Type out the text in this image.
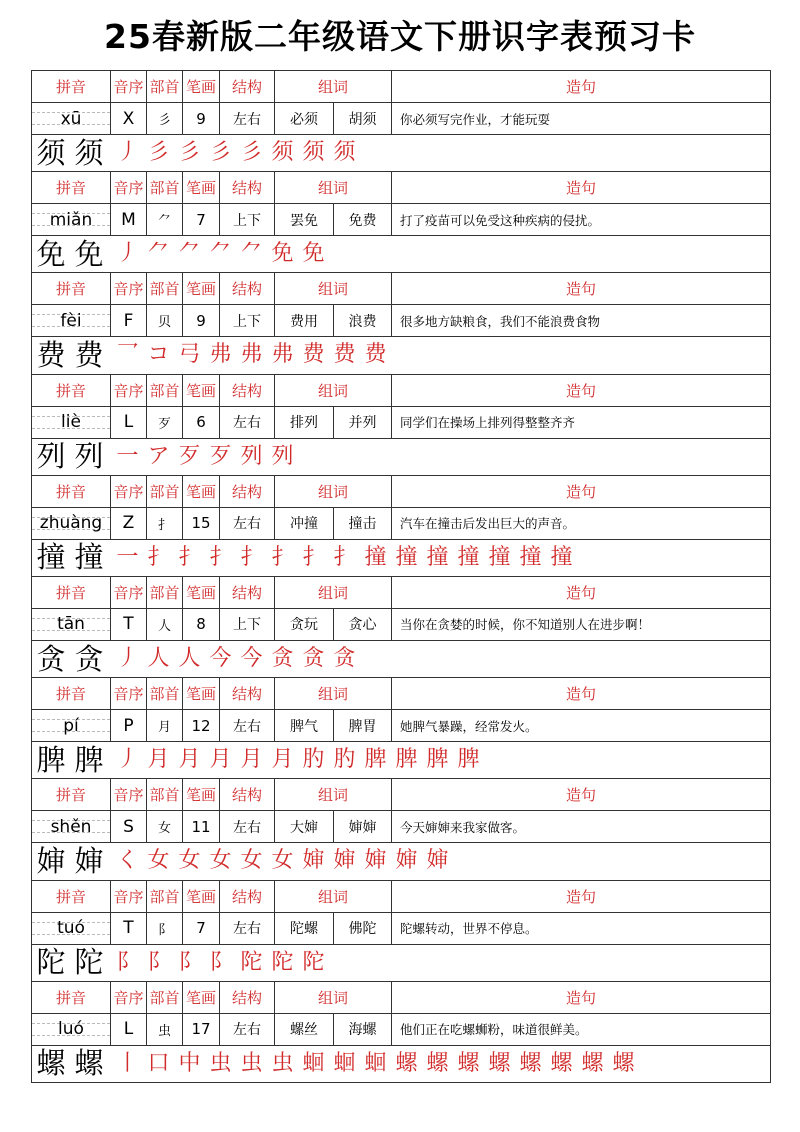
25春新版二年级语文下册识字表预习卡
拼音	音序 部首 笔画	结构	组词	造句
xū	X	彡	9	左右	必须	胡须	你必须写完作业，才能玩耍
须 须 丿 彡 彡 彡 彡 须 须 须
拼音	音序 部首 笔画	结构	组词	造句
miǎn	M	⺈	7	上下	罢免	免费	打了疫苗可以免受这种疾病的侵扰。
免 免 丿 ⺈ ⺈ ⺈ ⺈ 免 免
拼音	音序 部首 笔画	结构	组词	造句
fèi	F	贝	9	上下	费用	浪费	很多地方缺粮食，我们不能浪费食物
费 费 乛 コ 弓 弗 弗 弗 费 费 费
拼音	音序 部首 笔画	结构	组词	造句
liè	L	歹	6	左右	排列	并列	同学们在操场上排列得整整齐齐
列 列 一 ア 歹 歹 列 列
拼音	音序 部首 笔画	结构	组词	造句
zhuàng	Z	扌	15	左右	冲撞	撞击	汽车在撞击后发出巨大的声音。
撞 撞 一 扌 扌 扌 扌 扌 扌 扌 撞 撞 撞 撞 撞 撞 撞
拼音	音序 部首 笔画	结构	组词	造句
tān	T	人	8	上下	贪玩	贪心	当你在贪婪的时候，你不知道别人在进步啊！
贪 贪 丿 人 人 今 今 贪 贪 贪
拼音	音序 部首 笔画	结构	组词	造句
pí	P	月	12	左右	脾气	脾胃	她脾气暴躁，经常发火。
脾 脾 丿 月 月 月 月 月 肑 肑 脾 脾 脾 脾
拼音	音序 部首 笔画	结构	组词	造句
shěn	S	女	11	左右	大婶	婶婶	今天婶婶来我家做客。
婶 婶 く 女 女 女 女 女 婶 婶 婶 婶 婶
拼音	音序 部首 笔画	结构	组词	造句
tuó	T	阝	7	左右	陀螺	佛陀	陀螺转动，世界不停息。
陀 陀 阝 阝 阝 阝 陀 陀 陀
拼音	音序 部首 笔画	结构	组词	造句
luó	L	虫	17	左右	螺丝	海螺	他们正在吃螺蛳粉，味道很鲜美。
螺 螺 丨 口 中 虫 虫 虫 蛔 蛔 蛔 螺 螺 螺 螺 螺 螺 螺 螺
